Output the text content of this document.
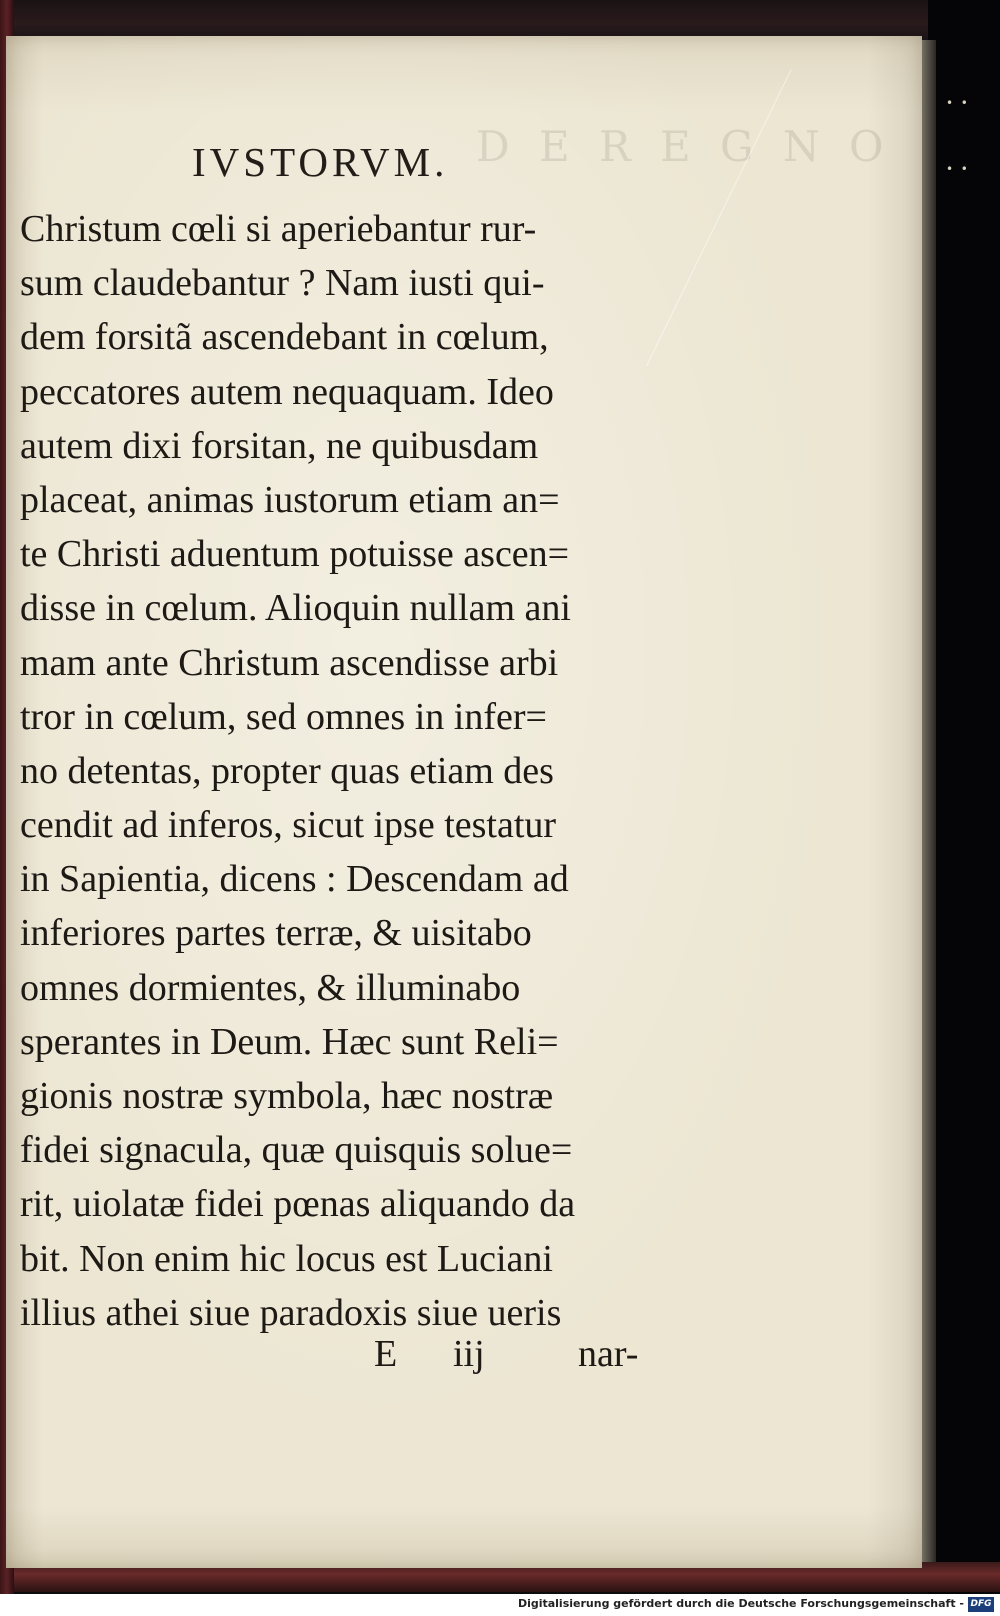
D E R E G N O
IVSTORVM.
Christum cœli si aperiebantur rur-
sum claudebantur ? Nam iusti qui-
dem forsitã ascendebant in cœlum,
peccatores autem nequaquam. Ideo
autem dixi forsitan, ne quibusdam
placeat, animas iustorum etiam an=
te Christi aduentum potuisse ascen=
disse in cœlum. Alioquin nullam ani
mam ante Christum ascendisse arbi
tror in cœlum, sed omnes in infer=
no detentas, propter quas etiam des
cendit ad inferos, sicut ipse testatur
in Sapientia, dicens : Descendam ad
inferiores partes terræ, & uisitabo
omnes dormientes, & illuminabo
sperantes in Deum. Hæc sunt Reli=
gionis nostræ symbola, hæc nostræ
fidei signacula, quæ quisquis solue=
rit, uiolatæ fidei pœnas aliquando da
bit. Non enim hic locus est Luciani
illius athei siue paradoxis siue ueris
E iij nar-
•  •
•  •
Digitalisierung gefördert durch die Deutsche Forschungsgemeinschaft - DFG
